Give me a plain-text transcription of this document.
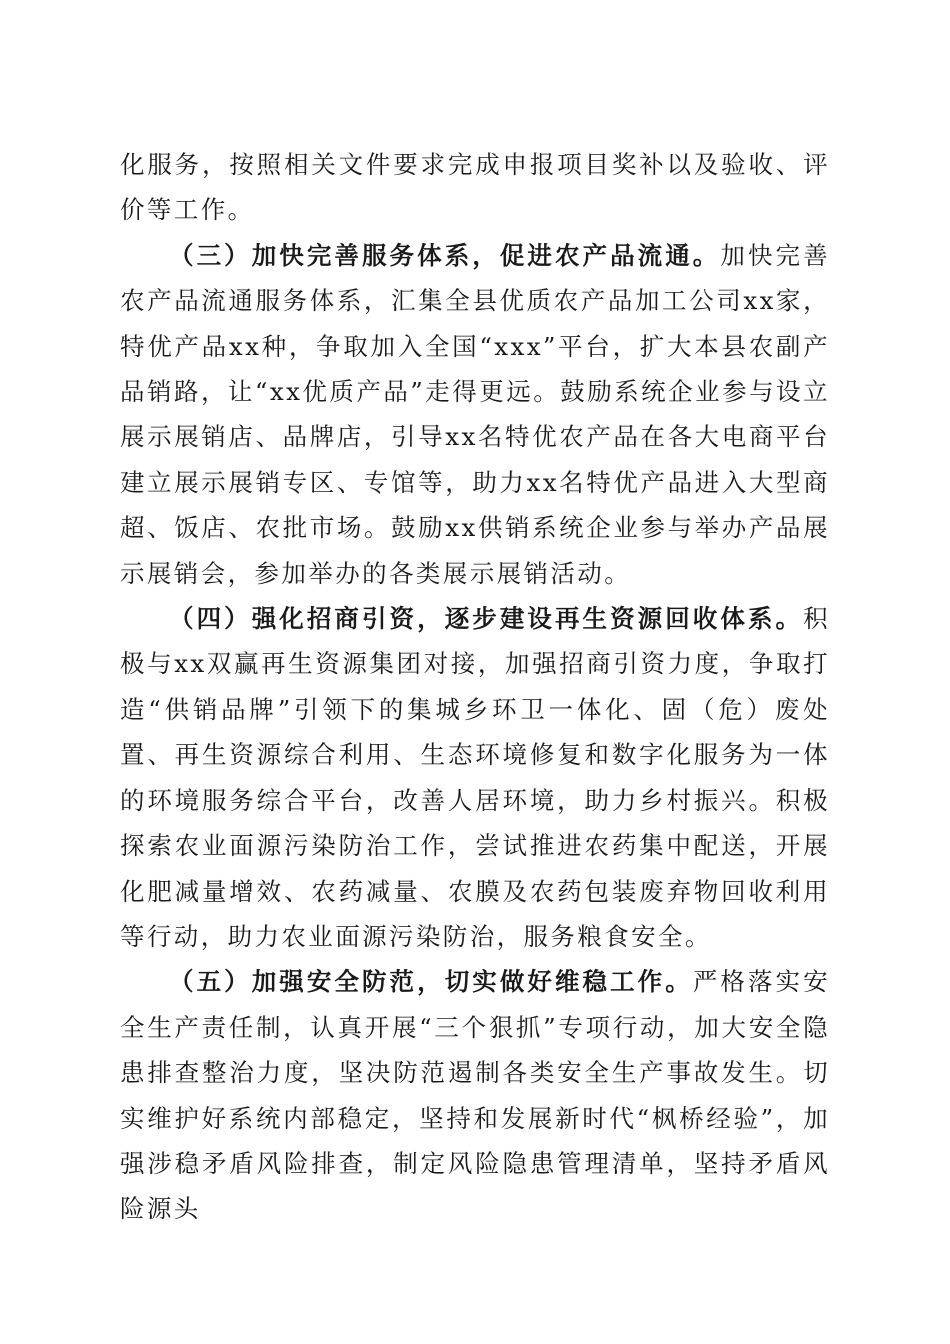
化服务，按照相关文件要求完成申报项目奖补以及验收、评价等工作。

（三）加快完善服务体系，促进农产品流通。加快完善农产品流通服务体系，汇集全县优质农产品加工公司xx家，特优产品xx种，争取加入全国“xxx”平台，扩大本县农副产品销路，让“xx优质产品”走得更远。鼓励系统企业参与设立展示展销店、品牌店，引导xx名特优农产品在各大电商平台建立展示展销专区、专馆等，助力xx名特优产品进入大型商超、饭店、农批市场。鼓励xx供销系统企业参与举办产品展示展销会，参加举办的各类展示展销活动。

（四）强化招商引资，逐步建设再生资源回收体系。积极与xx双赢再生资源集团对接，加强招商引资力度，争取打造“供销品牌”引领下的集城乡环卫一体化、固（危）废处置、再生资源综合利用、生态环境修复和数字化服务为一体的环境服务综合平台，改善人居环境，助力乡村振兴。积极探索农业面源污染防治工作，尝试推进农药集中配送，开展化肥减量增效、农药减量、农膜及农药包装废弃物回收利用等行动，助力农业面源污染防治，服务粮食安全。

（五）加强安全防范，切实做好维稳工作。严格落实安全生产责任制，认真开展“三个狠抓”专项行动，加大安全隐患排查整治力度，坚决防范遏制各类安全生产事故发生。切实维护好系统内部稳定，坚持和发展新时代“枫桥经验”，加强涉稳矛盾风险排查，制定风险隐患管理清单，坚持矛盾风险源头
